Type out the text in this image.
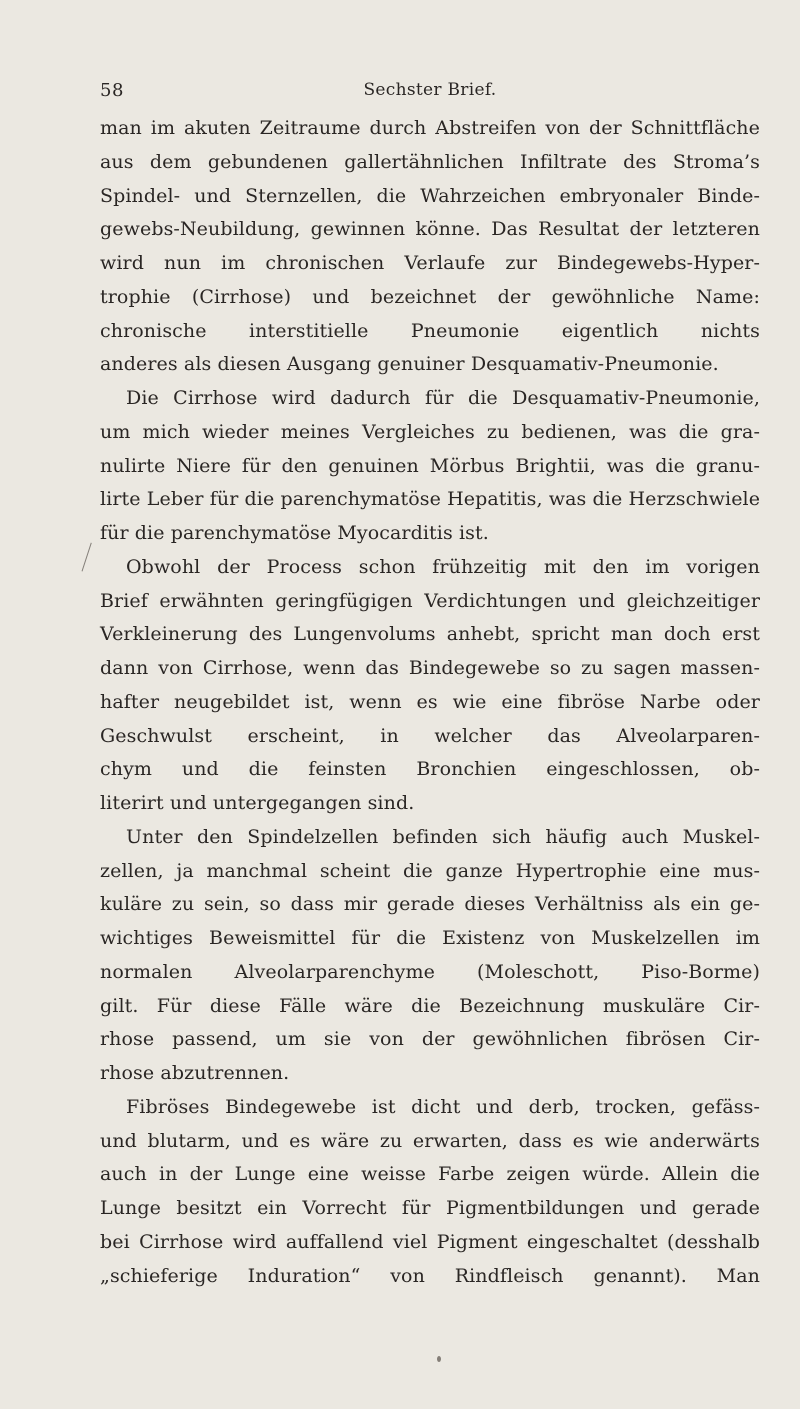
58	Sechster Brief.
man im akuten Zeitraume durch Abstreifen von der Schnittfläche
aus dem gebundenen gallertähnlichen Infiltrate des Stroma’s
Spindel- und Sternzellen, die Wahrzeichen embryonaler Binde-
gewebs-Neubildung, gewinnen könne. Das Resultat der letzteren
wird nun im chronischen Verlaufe zur Bindegewebs-Hyper-
trophie (Cirrhose) und bezeichnet der gewöhnliche Name:
chronische interstitielle Pneumonie eigentlich nichts
anderes als diesen Ausgang genuiner Desquamativ-Pneumonie.
Die Cirrhose wird dadurch für die Desquamativ-Pneumonie,
um mich wieder meines Vergleiches zu bedienen, was die gra-
nulirte Niere für den genuinen Mörbus Brightii, was die granu-
lirte Leber für die parenchymatöse Hepatitis, was die Herzschwiele
für die parenchymatöse Myocarditis ist.
Obwohl der Process schon frühzeitig mit den im vorigen
Brief erwähnten geringfügigen Verdichtungen und gleichzeitiger
Verkleinerung des Lungenvolums anhebt, spricht man doch erst
dann von Cirrhose, wenn das Bindegewebe so zu sagen massen-
hafter neugebildet ist, wenn es wie eine fibröse Narbe oder
Geschwulst erscheint, in welcher das Alveolarparen-
chym und die feinsten Bronchien eingeschlossen, ob-
literirt und untergegangen sind.
Unter den Spindelzellen befinden sich häufig auch Muskel-
zellen, ja manchmal scheint die ganze Hypertrophie eine mus-
kuläre zu sein, so dass mir gerade dieses Verhältniss als ein ge-
wichtiges Beweismittel für die Existenz von Muskelzellen im
normalen Alveolarparenchyme (Moleschott, Piso-Borme)
gilt. Für diese Fälle wäre die Bezeichnung muskuläre Cir-
rhose passend, um sie von der gewöhnlichen fibrösen Cir-
rhose abzutrennen.
Fibröses Bindegewebe ist dicht und derb, trocken, gefäss-
und blutarm, und es wäre zu erwarten, dass es wie anderwärts
auch in der Lunge eine weisse Farbe zeigen würde. Allein die
Lunge besitzt ein Vorrecht für Pigmentbildungen und gerade
bei Cirrhose wird auffallend viel Pigment eingeschaltet (desshalb
„schieferige Induration“ von Rindfleisch genannt). Man
